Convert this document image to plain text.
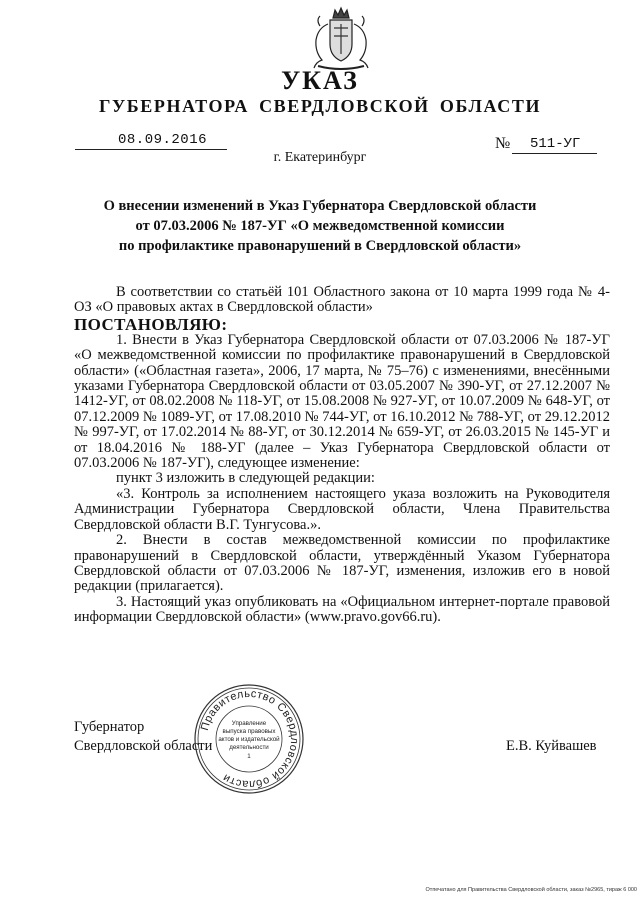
УКАЗ
ГУБЕРНАТОРА СВЕРДЛОВСКОЙ ОБЛАСТИ
08.09.2016	№ 511-УГ
г. Екатеринбург
О внесении изменений в Указ Губернатора Свердловской области
от 07.03.2006 № 187-УГ «О межведомственной комиссии
по профилактике правонарушений в Свердловской области»

В соответствии со статьёй 101 Областного закона от 10 марта 1999 года № 4-ОЗ «О правовых актах в Свердловской области»

ПОСТАНОВЛЯЮ:

1. Внести в Указ Губернатора Свердловской области от 07.03.2006 № 187-УГ «О межведомственной комиссии по профилактике правонарушений в Свердловской области» («Областная газета», 2006, 17 марта, № 75–76) с изменениями, внесёнными указами Губернатора Свердловской области от 03.05.2007 № 390-УГ, от 27.12.2007 № 1412-УГ, от 08.02.2008 № 118-УГ, от 15.08.2008 № 927-УГ, от 10.07.2009 № 648-УГ, от 07.12.2009 № 1089-УГ, от 17.08.2010 № 744-УГ, от 16.10.2012 № 788-УГ, от 29.12.2012 № 997-УГ, от 17.02.2014 № 88-УГ, от 30.12.2014 № 659-УГ, от 26.03.2015 № 145-УГ и от 18.04.2016 № 188-УГ (далее – Указ Губернатора Свердловской области от 07.03.2006 № 187-УГ), следующее изменение:

пункт 3 изложить в следующей редакции:

«3. Контроль за исполнением настоящего указа возложить на Руководителя Администрации Губернатора Свердловской области, Члена Правительства Свердловской области В.Г. Тунгусова.».

2. Внести в состав межведомственной комиссии по профилактике правонарушений в Свердловской области, утверждённый Указом Губернатора Свердловской области от 07.03.2006 № 187-УГ, изменения, изложив его в новой редакции (прилагается).

3. Настоящий указ опубликовать на «Официальном интернет-портале правовой информации Свердловской области» (www.pravo.gov66.ru).

Губернатор
Свердловской области
Правительство Свердловской области
Управление
выпуска правовых
актов и издательской
деятельности
1
Е.В. Куйвашев
Отпечатано для Правительства Свердловской области, заказ №2965, тираж 6 000
